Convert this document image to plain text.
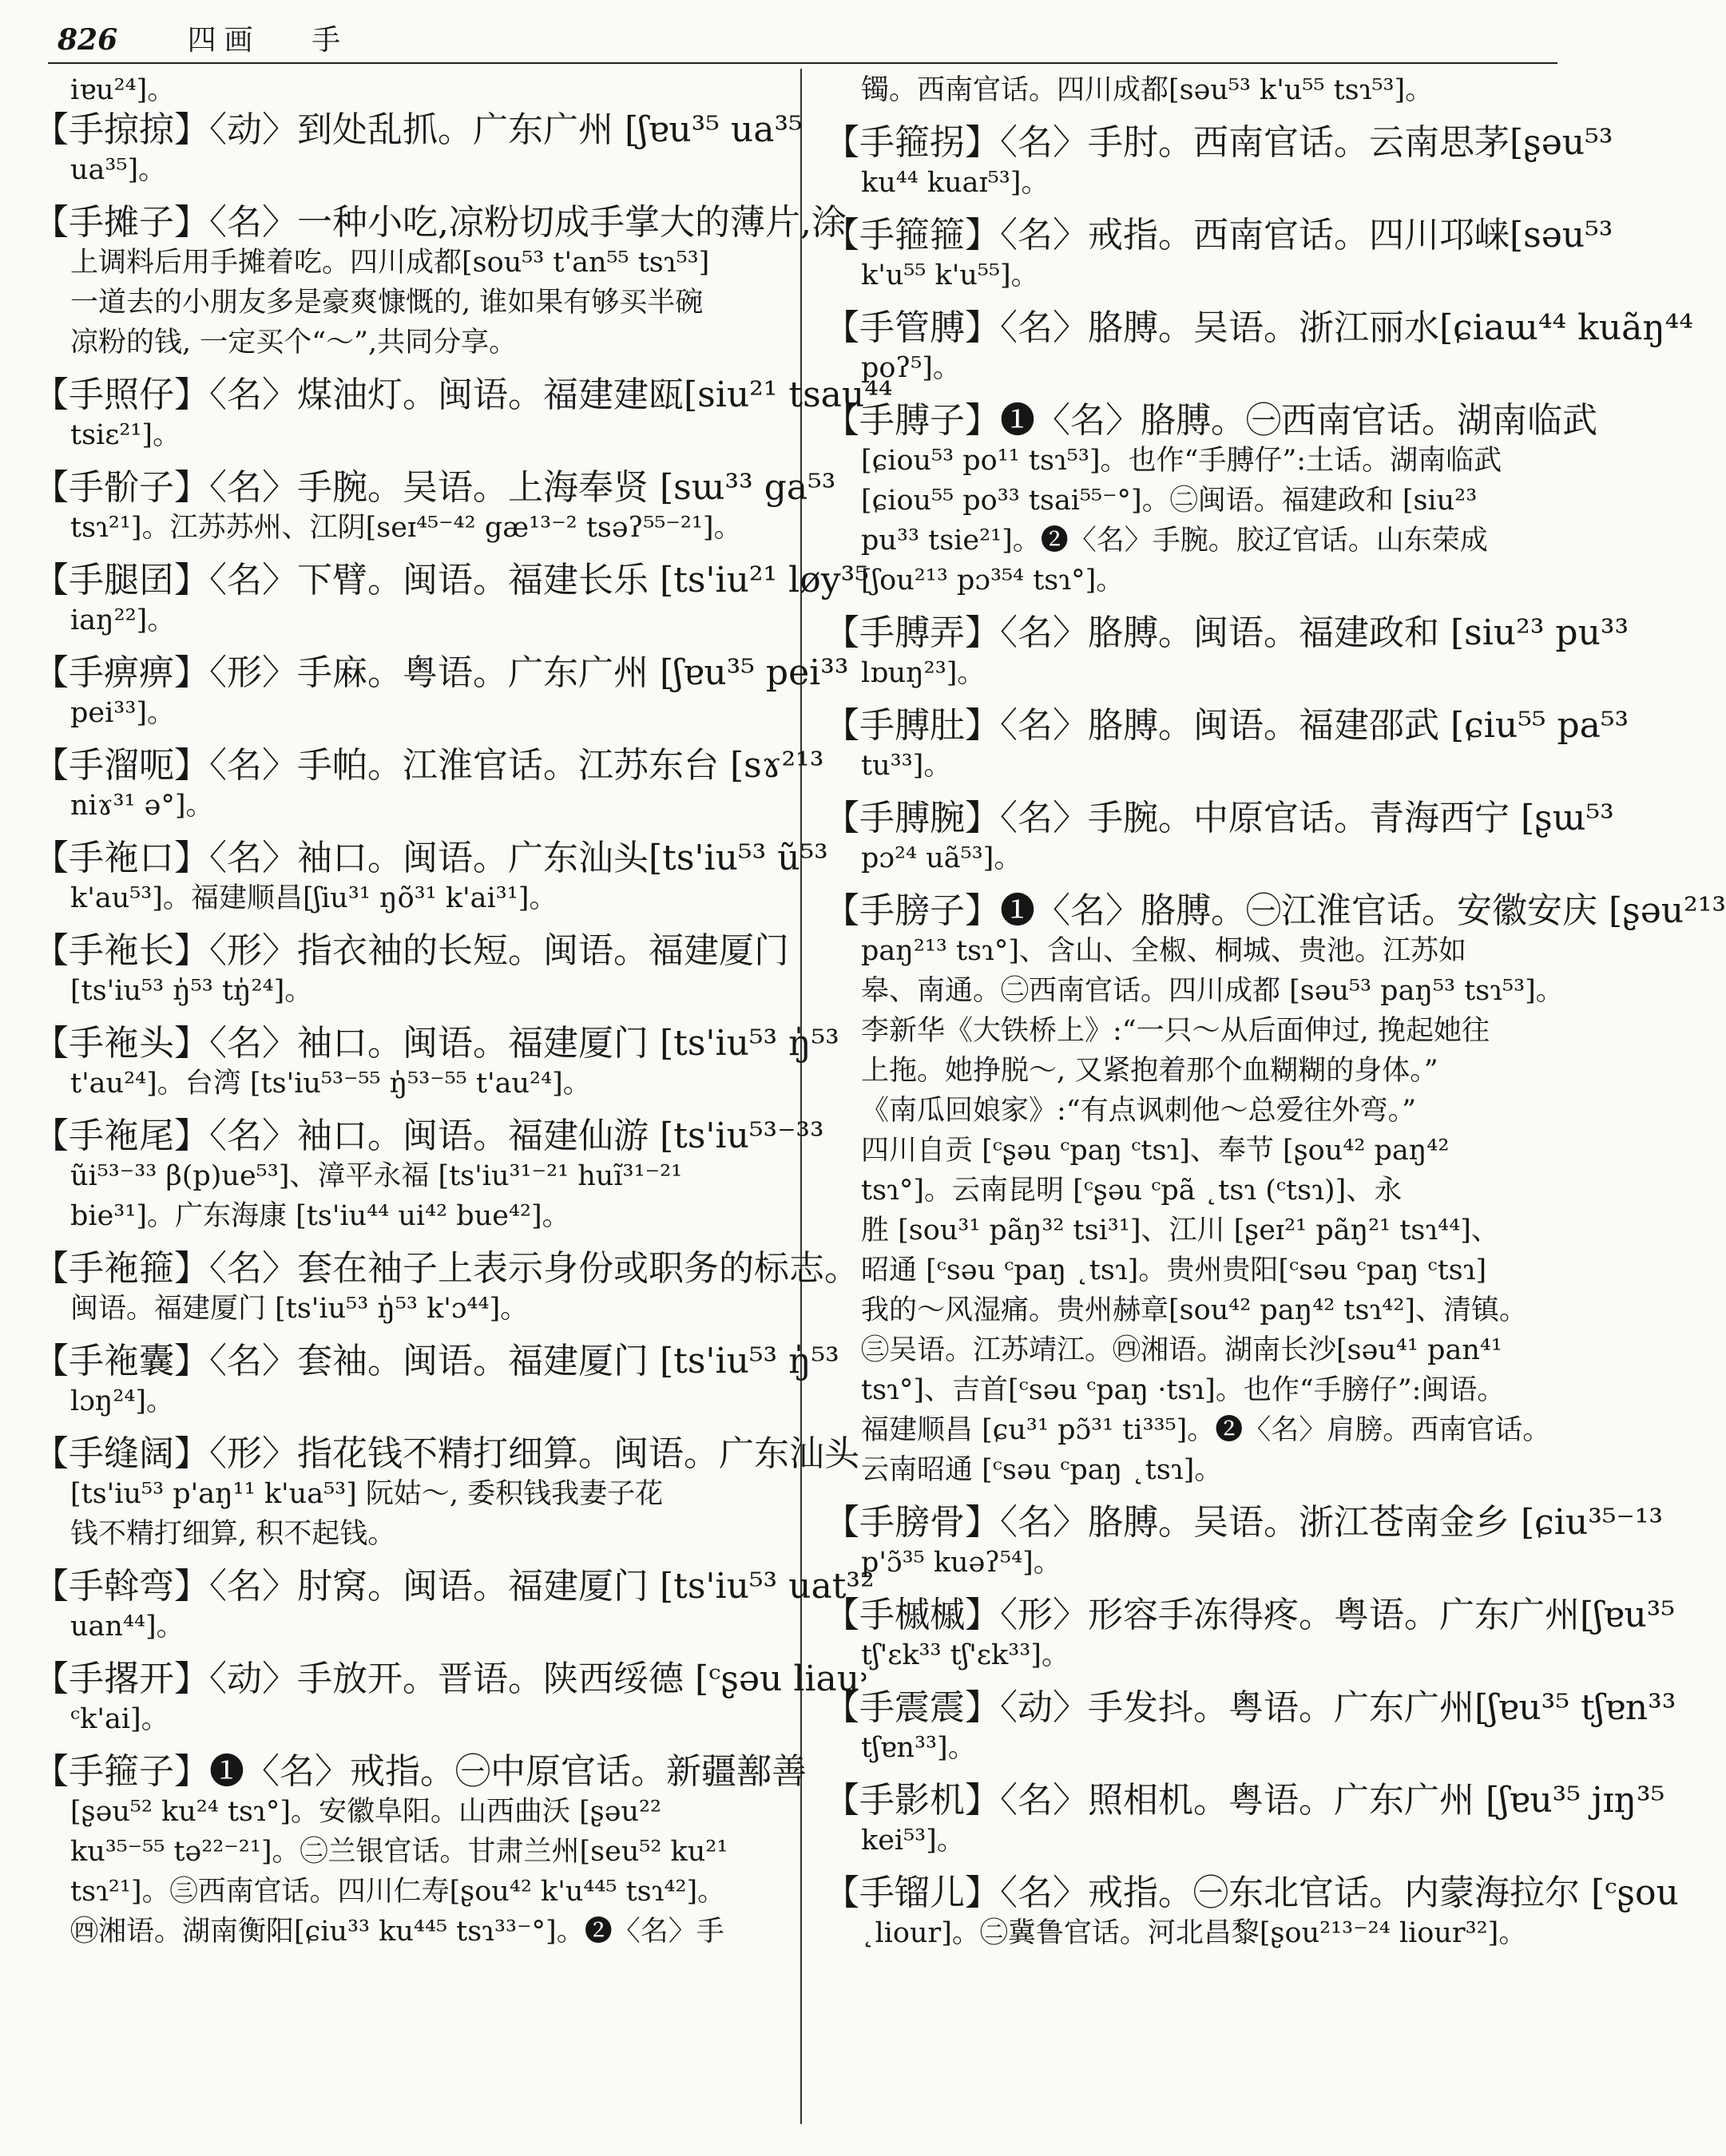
826 四画 手
iɐu²⁴]。
【手掠掠】〈动〉到处乱抓。广东广州 [ʃɐu³⁵ ua³⁵
ua³⁵]。
【手摊子】〈名〉一种小吃,凉粉切成手掌大的薄片,涂
上调料后用手摊着吃。四川成都[sou⁵³ t'an⁵⁵ tsɿ⁵³]
一道去的小朋友多是豪爽慷慨的, 谁如果有够买半碗
凉粉的钱, 一定买个“～”,共同分享。
【手照仔】〈名〉煤油灯。闽语。福建建瓯[siu²¹ tsau⁴⁴
tsiɛ²¹]。
【手骱子】〈名〉手腕。吴语。上海奉贤 [sɯ³³ ga⁵³
tsɿ²¹]。江苏苏州、江阴[seɪ⁴⁵⁻⁴² gæ¹³⁻² tsəʔ⁵⁵⁻²¹]。
【手腿囝】〈名〉下臂。闽语。福建长乐 [ts'iu²¹ løy³⁵
iaŋ²²]。
【手痹痹】〈形〉手麻。粤语。广东广州 [ʃɐu³⁵ pei³³
pei³³]。
【手溜呃】〈名〉手帕。江淮官话。江苏东台 [sɤ²¹³
niɤ³¹ ə°]。
【手袘口】〈名〉袖口。闽语。广东汕头[ts'iu⁵³ ũ⁵³
k'au⁵³]。福建顺昌[ʃiu³¹ ŋõ³¹ k'ai³¹]。
【手袘长】〈形〉指衣袖的长短。闽语。福建厦门
[ts'iu⁵³ ŋ̍⁵³ tŋ̍²⁴]。
【手袘头】〈名〉袖口。闽语。福建厦门 [ts'iu⁵³ ŋ̍⁵³
t'au²⁴]。台湾 [ts'iu⁵³⁻⁵⁵ ŋ̍⁵³⁻⁵⁵ t'au²⁴]。
【手袘尾】〈名〉袖口。闽语。福建仙游 [ts'iu⁵³⁻³³
ũi⁵³⁻³³ β(p)ue⁵³]、漳平永福 [ts'iu³¹⁻²¹ huĩ³¹⁻²¹
bie³¹]。广东海康 [ts'iu⁴⁴ ui⁴² bue⁴²]。
【手袘箍】〈名〉套在袖子上表示身份或职务的标志。
闽语。福建厦门 [ts'iu⁵³ ŋ̍⁵³ k'ɔ⁴⁴]。
【手袘囊】〈名〉套袖。闽语。福建厦门 [ts'iu⁵³ ŋ̍⁵³
lɔŋ²⁴]。
【手缝阔】〈形〉指花钱不精打细算。闽语。广东汕头
[ts'iu⁵³ p'aŋ¹¹ k'ua⁵³] 阮姑～, 委积钱我妻子花
钱不精打细算, 积不起钱。
【手斡弯】〈名〉肘窝。闽语。福建厦门 [ts'iu⁵³ uat³²
uan⁴⁴]。
【手撂开】〈动〉手放开。晋语。陕西绥德 [ᶜʂəu liau˒
ᶜk'ai]。
【手箍子】❶〈名〉戒指。㊀中原官话。新疆鄯善
[ʂəu⁵² ku²⁴ tsɿ°]。安徽阜阳。山西曲沃 [ʂəu²²
ku³⁵⁻⁵⁵ tə²²⁻²¹]。㊁兰银官话。甘肃兰州[seu⁵² ku²¹
tsɿ²¹]。㊂西南官话。四川仁寿[ʂou⁴² k'u⁴⁴⁵ tsɿ⁴²]。
㊃湘语。湖南衡阳[ɕiu³³ ku⁴⁴⁵ tsɿ³³⁻°]。❷〈名〉手
镯。西南官话。四川成都[səu⁵³ k'u⁵⁵ tsɿ⁵³]。
【手箍拐】〈名〉手肘。西南官话。云南思茅[ʂəu⁵³
ku⁴⁴ kuaɪ⁵³]。
【手箍箍】〈名〉戒指。西南官话。四川邛崃[səu⁵³
k'u⁵⁵ k'u⁵⁵]。
【手管膊】〈名〉胳膊。吴语。浙江丽水[ɕiaɯ⁴⁴ kuãŋ⁴⁴
poʔ⁵]。
【手膊子】❶〈名〉胳膊。㊀西南官话。湖南临武
[ɕiou⁵³ po¹¹ tsɿ⁵³]。也作“手膊仔”:土话。湖南临武
[ɕiou⁵⁵ po³³ tsai⁵⁵⁻°]。㊁闽语。福建政和 [siu²³
pu³³ tsie²¹]。❷〈名〉手腕。胶辽官话。山东荣成
[ʃou²¹³ pɔ³⁵⁴ tsɿ°]。
【手膊弄】〈名〉胳膊。闽语。福建政和 [siu²³ pu³³
lɒuŋ²³]。
【手膊肚】〈名〉胳膊。闽语。福建邵武 [ɕiu⁵⁵ pa⁵³
tu³³]。
【手膊腕】〈名〉手腕。中原官话。青海西宁 [ʂɯ⁵³
pɔ²⁴ uã⁵³]。
【手膀子】❶〈名〉胳膊。㊀江淮官话。安徽安庆 [ʂəu²¹³
paŋ²¹³ tsɿ°]、含山、全椒、桐城、贵池。江苏如
皋、南通。㊁西南官话。四川成都 [səu⁵³ paŋ⁵³ tsɿ⁵³]。
李新华《大铁桥上》:“一只～从后面伸过, 挽起她往
上拖。她挣脱～, 又紧抱着那个血糊糊的身体。”
《南瓜回娘家》:“有点讽刺他～总爱往外弯。”
四川自贡 [ᶜʂəu ᶜpaŋ ᶜtsɿ]、奉节 [ʂou⁴² paŋ⁴²
tsɿ°]。云南昆明 [ᶜʂəu ᶜpã ˛tsɿ (ᶜtsɿ)]、永
胜 [sou³¹ pãŋ³² tsi³¹]、江川 [ʂeɪ²¹ pãŋ²¹ tsɿ⁴⁴]、
昭通 [ᶜsəu ᶜpaŋ ˛tsɿ]。贵州贵阳[ᶜsəu ᶜpaŋ ᶜtsɿ]
我的～风湿痛。贵州赫章[sou⁴² paŋ⁴² tsɿ⁴²]、清镇。
㊂吴语。江苏靖江。㊃湘语。湖南长沙[səu⁴¹ pan⁴¹
tsɿ°]、吉首[ᶜsəu ᶜpaŋ ·tsɿ]。也作“手膀仔”:闽语。
福建顺昌 [ɕu³¹ pɔ̃³¹ ti³³⁵]。❷〈名〉肩膀。西南官话。
云南昭通 [ᶜsəu ᶜpaŋ ˛tsɿ]。
【手膀骨】〈名〉胳膊。吴语。浙江苍南金乡 [ɕiu³⁵⁻¹³
p'ɔ̃³⁵ kuəʔ⁵⁴]。
【手槭槭】〈形〉形容手冻得疼。粤语。广东广州[ʃɐu³⁵
tʃ'ɛk³³ tʃ'ɛk³³]。
【手震震】〈动〉手发抖。粤语。广东广州[ʃɐu³⁵ tʃɐn³³
tʃɐn³³]。
【手影机】〈名〉照相机。粤语。广东广州 [ʃɐu³⁵ jɪŋ³⁵
kei⁵³]。
【手镏儿】〈名〉戒指。㊀东北官话。内蒙海拉尔 [ᶜʂou
˛liour]。㊁冀鲁官话。河北昌黎[ʂou²¹³⁻²⁴ liour³²]。
